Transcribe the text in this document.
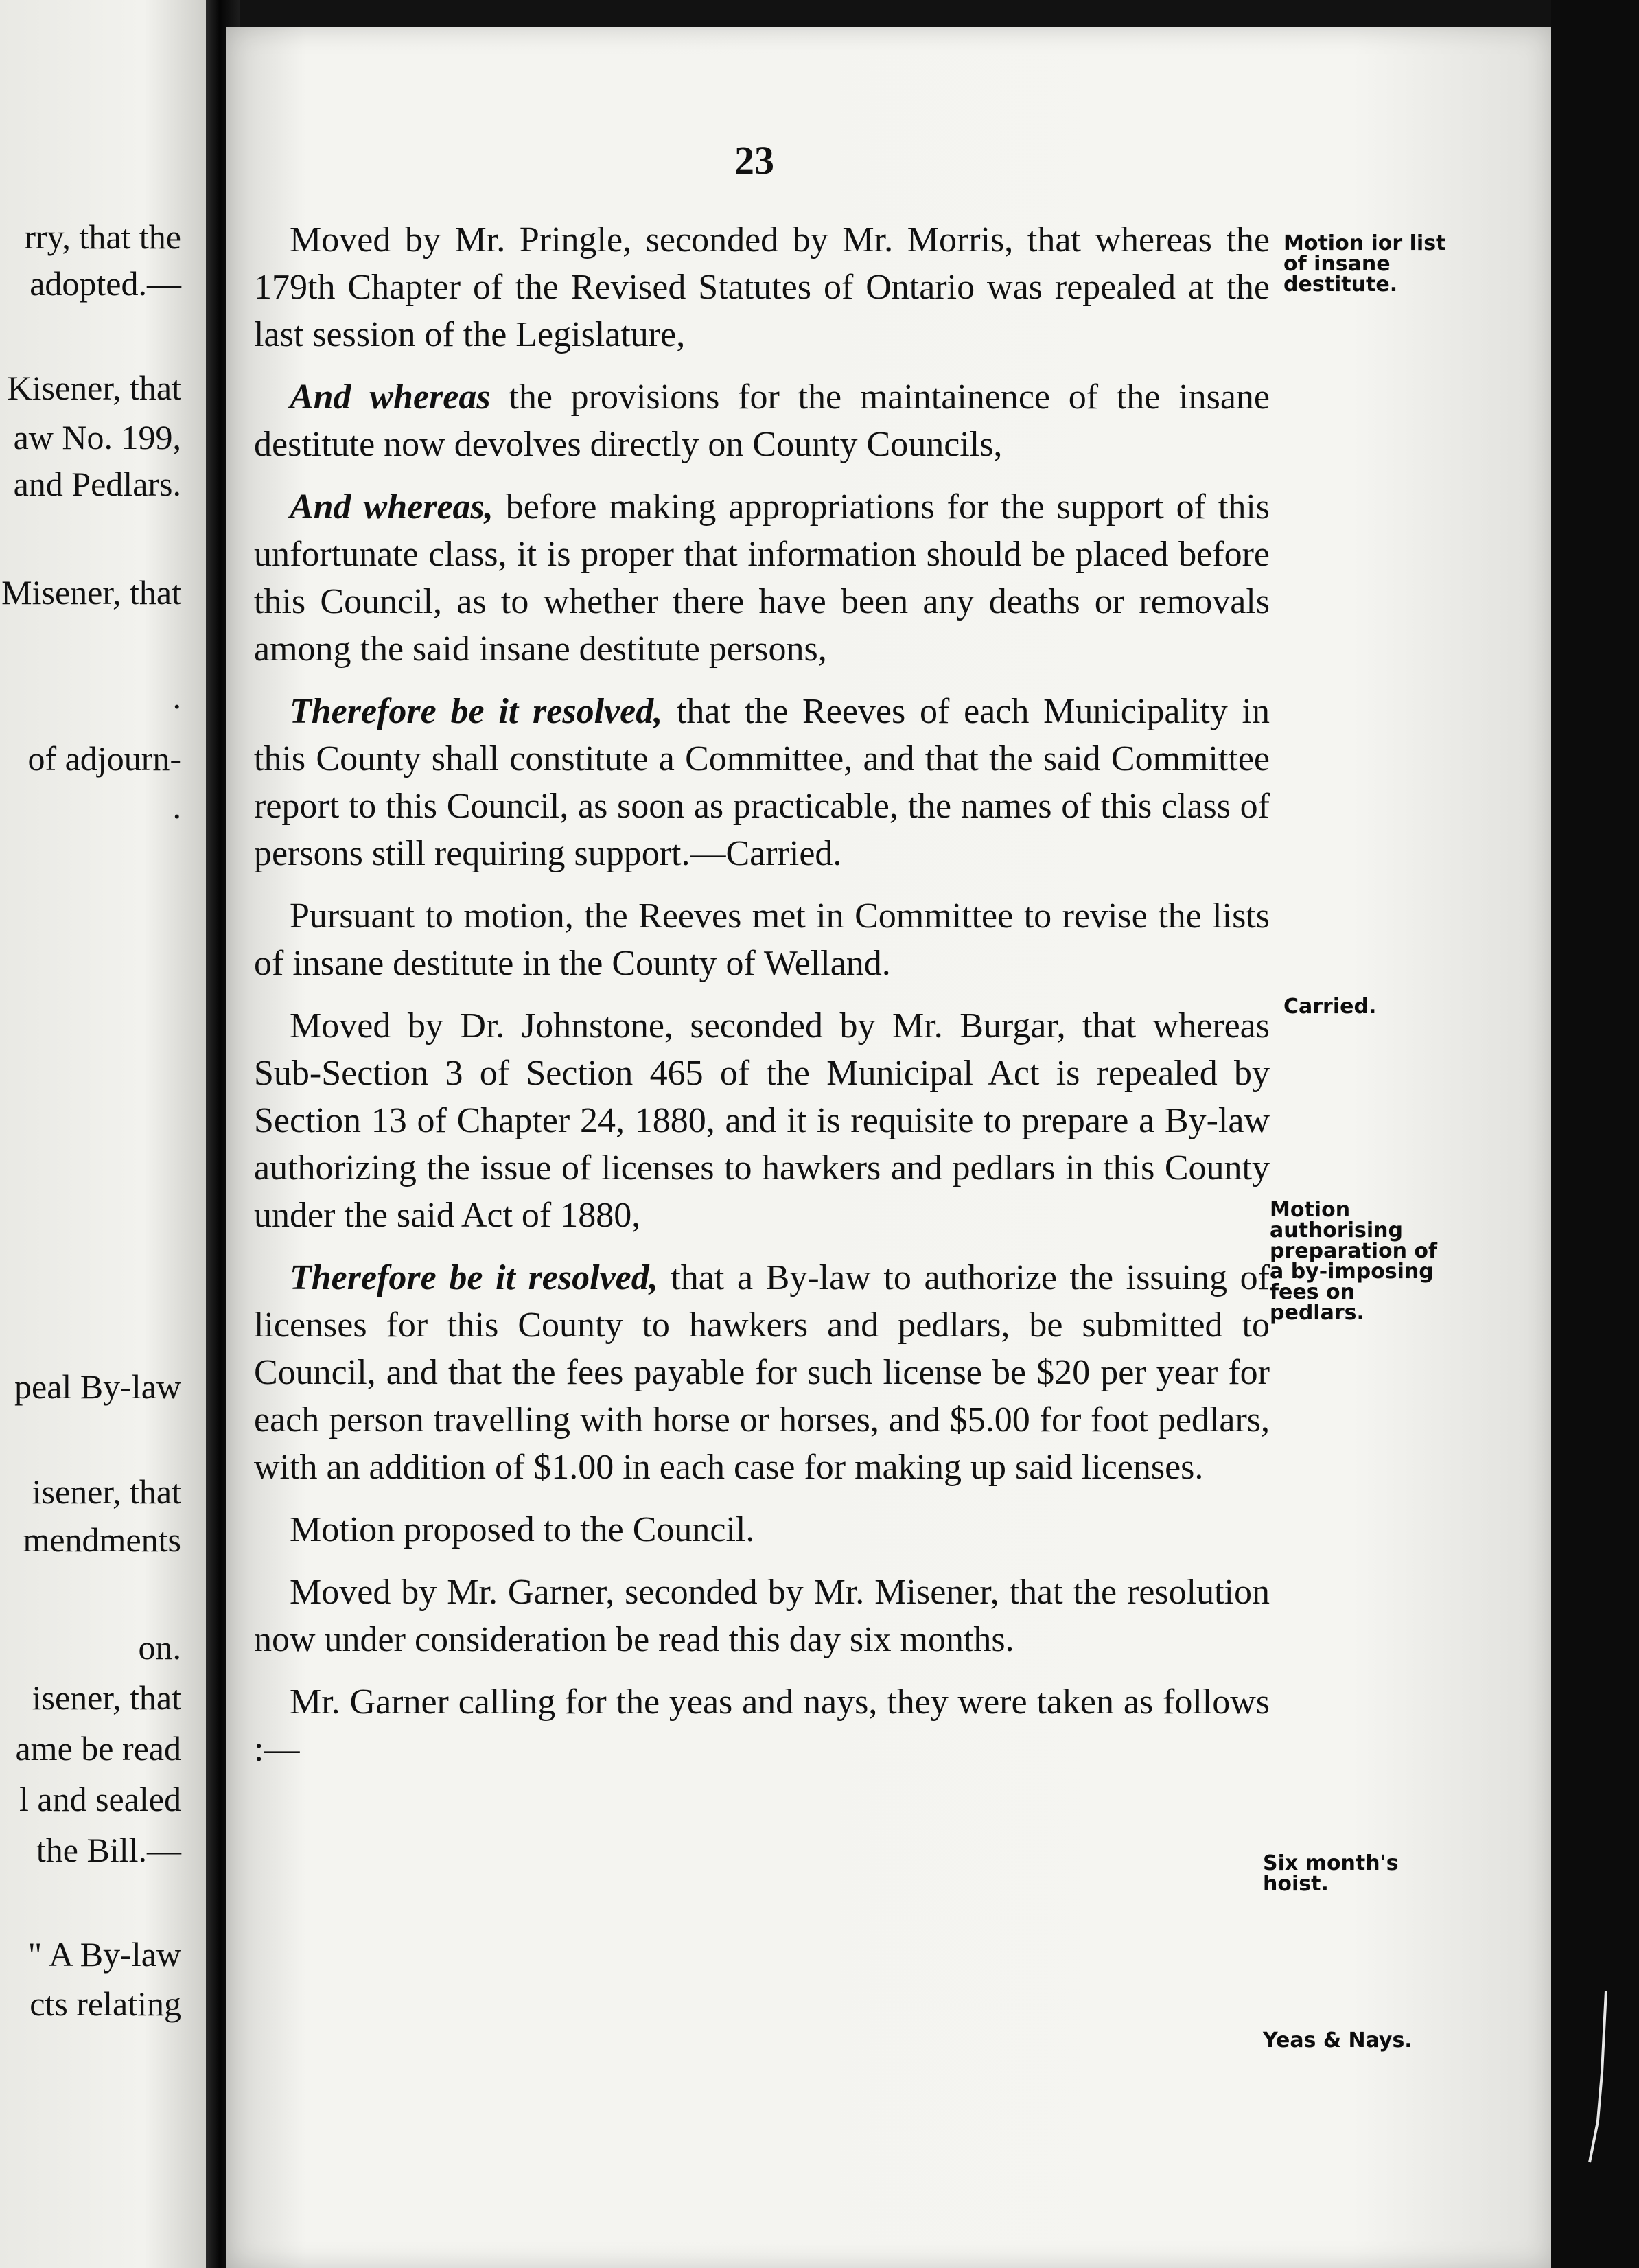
rry, that the
adopted.—
Kisener, that
aw No. 199,
and Pedlars.
Misener, that
.
of adjourn-
.
peal By-law
isener, that
mendments
on.
isener, that
ame be read
l and sealed
the Bill.—
" A By-law
cts relating
23

Moved by Mr. Pringle, seconded by Mr. Morris, that whereas the 179th Chapter of the Revised Statutes of Ontario was repealed at the last session of the Legislature,

And whereas the provisions for the maintainence of the insane destitute now devolves directly on County Councils,

And whereas, before making appropriations for the support of this unfortunate class, it is proper that information should be placed before this Council, as to whether there have been any deaths or removals among the said insane destitute persons,

Therefore be it resolved, that the Reeves of each Municipality in this County shall constitute a Committee, and that the said Committee report to this Council, as soon as practicable, the names of this class of persons still requiring support.—Carried.

Pursuant to motion, the Reeves met in Committee to revise the lists of insane destitute in the County of Welland.

Moved by Dr. Johnstone, seconded by Mr. Burgar, that whereas Sub-Section 3 of Section 465 of the Municipal Act is repealed by Section 13 of Chapter 24, 1880, and it is requisite to prepare a By-law authorizing the issue of licenses to hawkers and pedlars in this County under the said Act of 1880,

Therefore be it resolved, that a By-law to authorize the issuing of licenses for this County to hawkers and pedlars, be submitted to Council, and that the fees payable for such license be $20 per year for each person travelling with horse or horses, and $5.00 for foot pedlars, with an addition of $1.00 in each case for making up said licenses.

Motion proposed to the Council.

Moved by Mr. Garner, seconded by Mr. Misener, that the resolution now under consideration be read this day six months.

Mr. Garner calling for the yeas and nays, they were taken as follows :—

Motion ior list of insane destitute.
Carried.
Motion authorising preparation of a by-imposing fees on pedlars.
Six month's hoist.
Yeas & Nays.
